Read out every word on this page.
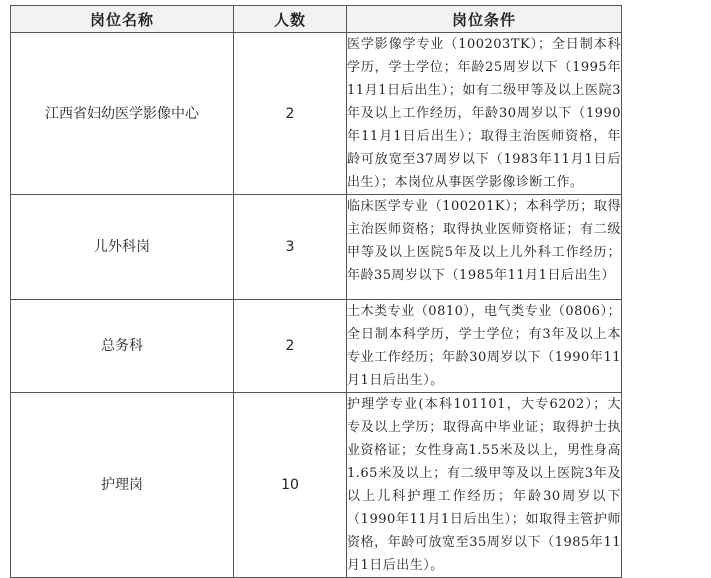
岗位名称	人数	岗位条件
江西省妇幼医学影像中心	2	医学影像学专业（100203TK）；全日制本科学历，学士学位；年龄25周岁以下（1995年11月1日后出生）；如有二级甲等及以上医院3年及以上工作经历，年龄30周岁以下（1990年11月1日后出生）；取得主治医师资格，年龄可放宽至37周岁以下（1983年11月1日后出生）；本岗位从事医学影像诊断工作。
儿外科岗	3	临床医学专业（100201K）；本科学历；取得主治医师资格；取得执业医师资格证；有二级甲等及以上医院5年及以上儿外科工作经历；年龄35周岁以下（1985年11月1日后出生）
总务科	2	土木类专业（0810），电气类专业（0806）；全日制本科学历，学士学位；有3年及以上本专业工作经历；年龄30周岁以下（1990年11月1日后出生）。
护理岗	10	护理学专业(本科101101，大专6202）；大专及以上学历；取得高中毕业证；取得护士执业资格证；女性身高1.55米及以上，男性身高1.65米及以上；有二级甲等及以上医院3年及以上儿科护理工作经历；年龄30周岁以下（1990年11月1日后出生）；如取得主管护师资格，年龄可放宽至35周岁以下（1985年11月1日后出生）。
